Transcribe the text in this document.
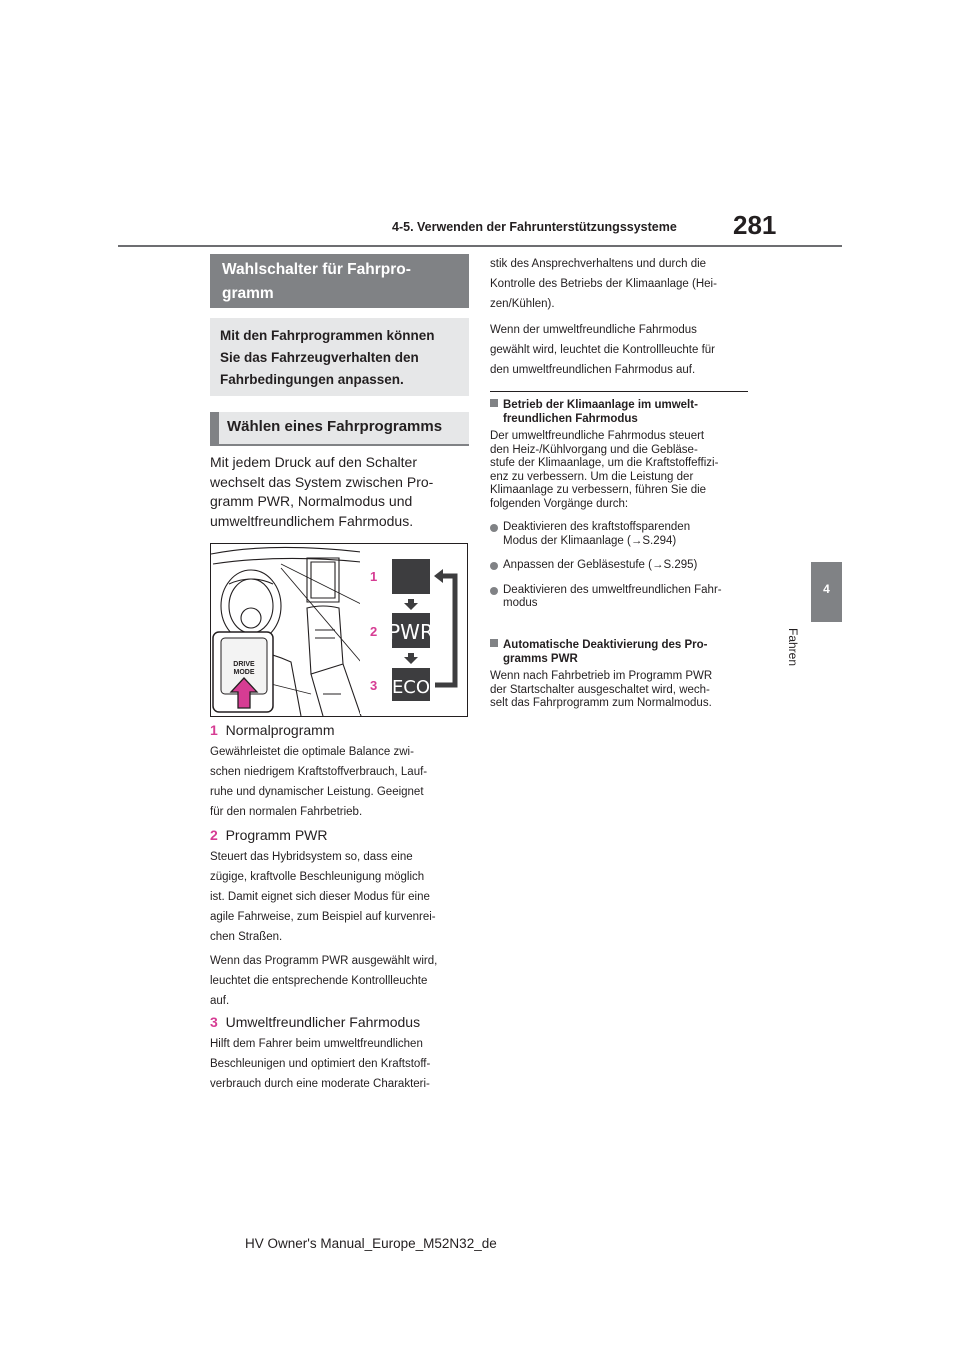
4-5. Verwenden der Fahrunterstützungssysteme 281
4
Fahren
Wahlschalter für Fahrpro-
gramm
Mit den Fahrprogrammen können
Sie das Fahrzeugverhalten den
Fahrbedingungen anpassen.
Wählen eines Fahrprogramms
Mit jedem Druck auf den Schalter
wechselt das System zwischen Pro-
gramm PWR, Normalmodus und
umweltfreundlichem Fahrmodus.
DRIVE
MODE
PWR
ECO
1
2
3
1 Normalprogramm
Gewährleistet die optimale Balance zwi-
schen niedrigem Kraftstoffverbrauch, Lauf-
ruhe und dynamischer Leistung. Geeignet
für den normalen Fahrbetrieb.
2 Programm PWR
Steuert das Hybridsystem so, dass eine
zügige, kraftvolle Beschleunigung möglich
ist. Damit eignet sich dieser Modus für eine
agile Fahrweise, zum Beispiel auf kurvenrei-
chen Straßen.
Wenn das Programm PWR ausgewählt wird,
leuchtet die entsprechende Kontrollleuchte
auf.
3 Umweltfreundlicher Fahrmodus
Hilft dem Fahrer beim umweltfreundlichen
Beschleunigen und optimiert den Kraftstoff-
verbrauch durch eine moderate Charakteri-
stik des Ansprechverhaltens und durch die
Kontrolle des Betriebs der Klimaanlage (Hei-
zen/Kühlen).
Wenn der umweltfreundliche Fahrmodus
gewählt wird, leuchtet die Kontrollleuchte für
den umweltfreundlichen Fahrmodus auf.
Betrieb der Klimaanlage im umwelt-
freundlichen Fahrmodus
Der umweltfreundliche Fahrmodus steuert
den Heiz-/Kühlvorgang und die Gebläse-
stufe der Klimaanlage, um die Kraftstoffeffizi-
enz zu verbessern. Um die Leistung der
Klimaanlage zu verbessern, führen Sie die
folgenden Vorgänge durch:
Deaktivieren des kraftstoffsparenden
Modus der Klimaanlage (→S.294)
Anpassen der Gebläsestufe (→S.295)
Deaktivieren des umweltfreundlichen Fahr-
modus
Automatische Deaktivierung des Pro-
gramms PWR
Wenn nach Fahrbetrieb im Programm PWR
der Startschalter ausgeschaltet wird, wech-
selt das Fahrprogramm zum Normalmodus.
HV Owner's Manual_Europe_M52N32_de
